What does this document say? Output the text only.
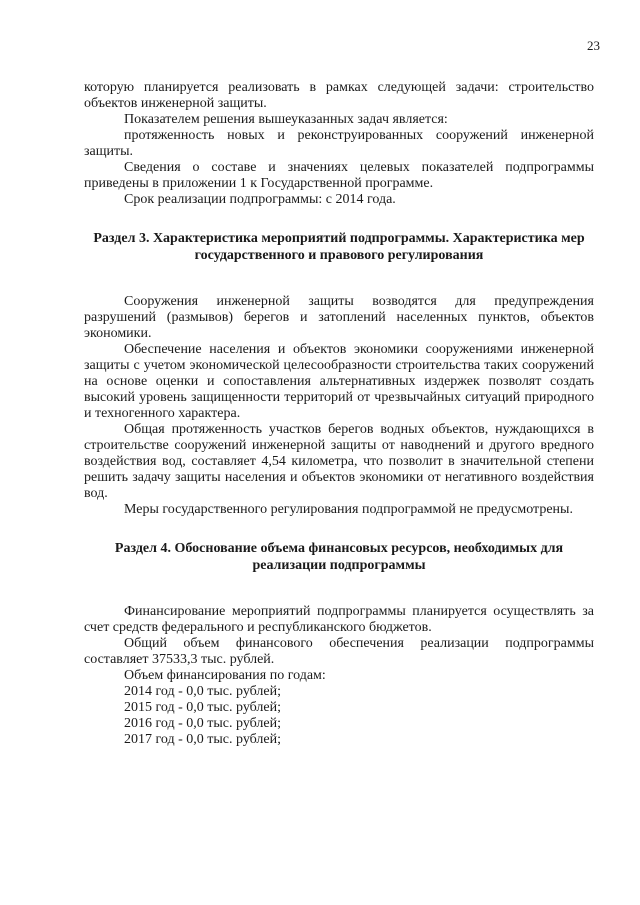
23

которую планируется реализовать в рамках следующей задачи: строительство объектов инженерной защиты.

Показателем решения вышеуказанных задач является:

протяженность новых и реконструированных сооружений инженерной защиты.

Сведения о составе и значениях целевых показателей подпрограммы приведены в приложении 1 к Государственной программе.

Срок реализации подпрограммы: с 2014 года.

Раздел 3. Характеристика мероприятий подпрограммы. Характеристика мер государственного и правового регулирования

Сооружения инженерной защиты возводятся для предупреждения разрушений (размывов) берегов и затоплений населенных пунктов, объектов экономики.

Обеспечение населения и объектов экономики сооружениями инженерной защиты с учетом экономической целесообразности строительства таких сооружений на основе оценки и сопоставления альтернативных издержек позволят создать высокий уровень защищенности территорий от чрезвычайных ситуаций природного и техногенного характера.

Общая протяженность участков берегов водных объектов, нуждающихся в строительстве сооружений инженерной защиты от наводнений и другого вредного воздействия вод, составляет 4,54 километра, что позволит в значительной степени решить задачу защиты населения и объектов экономики от негативного воздействия вод.

Меры государственного регулирования подпрограммой не предусмотрены.

Раздел 4. Обоснование объема финансовых ресурсов, необходимых для реализации подпрограммы

Финансирование мероприятий подпрограммы планируется осуществлять за счет средств федерального и республиканского бюджетов.

Общий объем финансового обеспечения реализации подпрограммы составляет 37533,3 тыс. рублей.

Объем финансирования по годам:

2014 год - 0,0 тыс. рублей;

2015 год - 0,0 тыс. рублей;

2016 год - 0,0 тыс. рублей;

2017 год - 0,0 тыс. рублей;
